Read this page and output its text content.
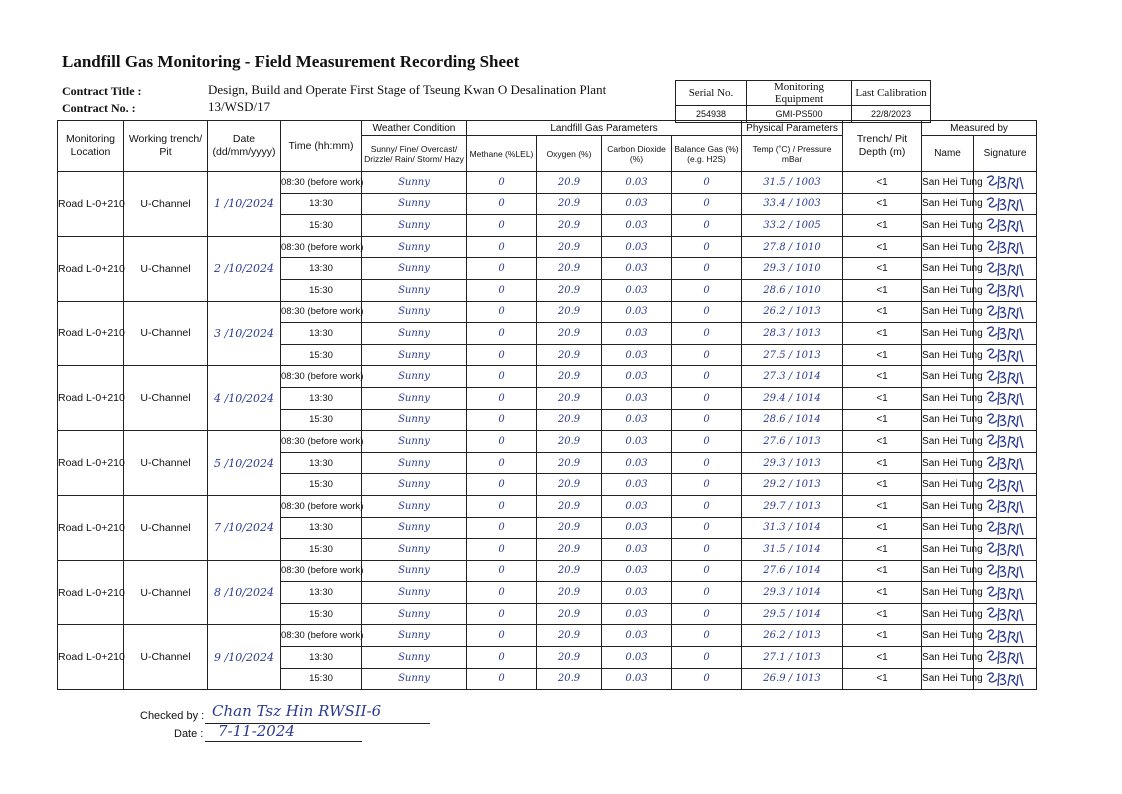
Landfill Gas Monitoring - Field Measurement Recording Sheet
Contract Title :	Design, Build and Operate First Stage of Tseung Kwan O Desalination Plant
Contract No. :	13/WSD/17
Serial No.	Monitoring Equipment	Last Calibration
254938	GMI-PS500	22/8/2023
Monitoring Location	Working trench/ Pit	Date (dd/mm/yyyy)	Time (hh:mm)	Weather Condition	Landfill Gas Parameters				Physical Parameters	Trench/ Pit Depth (m)	Measured by	
				Sunny/ Fine/ Overcast/ Drizzle/ Rain/ Storm/ Hazy	Methane (%LEL)	Oxygen (%)	Carbon Dioxide (%)	Balance Gas (%) (e.g. H2S)	Temp (˚C) / Pressure mBar		Name	Signature
Road L-0+210	U-Channel	1 /10/2024	08:30 (before work)	Sunny	0	20.9	0.03	0	31.5 / 1003	<1	San Hei Tung	
			13:30	Sunny	0	20.9	0.03	0	33.4 / 1003	<1	San Hei Tung	
			15:30	Sunny	0	20.9	0.03	0	33.2 / 1005	<1	San Hei Tung	
Road L-0+210	U-Channel	2 /10/2024	08:30 (before work)	Sunny	0	20.9	0.03	0	27.8 / 1010	<1	San Hei Tung	
			13:30	Sunny	0	20.9	0.03	0	29.3 / 1010	<1	San Hei Tung	
			15:30	Sunny	0	20.9	0.03	0	28.6 / 1010	<1	San Hei Tung	
Road L-0+210	U-Channel	3 /10/2024	08:30 (before work)	Sunny	0	20.9	0.03	0	26.2 / 1013	<1	San Hei Tung	
			13:30	Sunny	0	20.9	0.03	0	28.3 / 1013	<1	San Hei Tung	
			15:30	Sunny	0	20.9	0.03	0	27.5 / 1013	<1	San Hei Tung	
Road L-0+210	U-Channel	4 /10/2024	08:30 (before work)	Sunny	0	20.9	0.03	0	27.3 / 1014	<1	San Hei Tung	
			13:30	Sunny	0	20.9	0.03	0	29.4 / 1014	<1	San Hei Tung	
			15:30	Sunny	0	20.9	0.03	0	28.6 / 1014	<1	San Hei Tung	
Road L-0+210	U-Channel	5 /10/2024	08:30 (before work)	Sunny	0	20.9	0.03	0	27.6 / 1013	<1	San Hei Tung	
			13:30	Sunny	0	20.9	0.03	0	29.3 / 1013	<1	San Hei Tung	
			15:30	Sunny	0	20.9	0.03	0	29.2 / 1013	<1	San Hei Tung	
Road L-0+210	U-Channel	7 /10/2024	08:30 (before work)	Sunny	0	20.9	0.03	0	29.7 / 1013	<1	San Hei Tung	
			13:30	Sunny	0	20.9	0.03	0	31.3 / 1014	<1	San Hei Tung	
			15:30	Sunny	0	20.9	0.03	0	31.5 / 1014	<1	San Hei Tung	
Road L-0+210	U-Channel	8 /10/2024	08:30 (before work)	Sunny	0	20.9	0.03	0	27.6 / 1014	<1	San Hei Tung	
			13:30	Sunny	0	20.9	0.03	0	29.3 / 1014	<1	San Hei Tung	
			15:30	Sunny	0	20.9	0.03	0	29.5 / 1014	<1	San Hei Tung	
Road L-0+210	U-Channel	9 /10/2024	08:30 (before work)	Sunny	0	20.9	0.03	0	26.2 / 1013	<1	San Hei Tung	
			13:30	Sunny	0	20.9	0.03	0	27.1 / 1013	<1	San Hei Tung	
			15:30	Sunny	0	20.9	0.03	0	26.9 / 1013	<1	San Hei Tung	
Checked by : Chan Tsz Hin RWSII-6
Date : 7-11-2024
